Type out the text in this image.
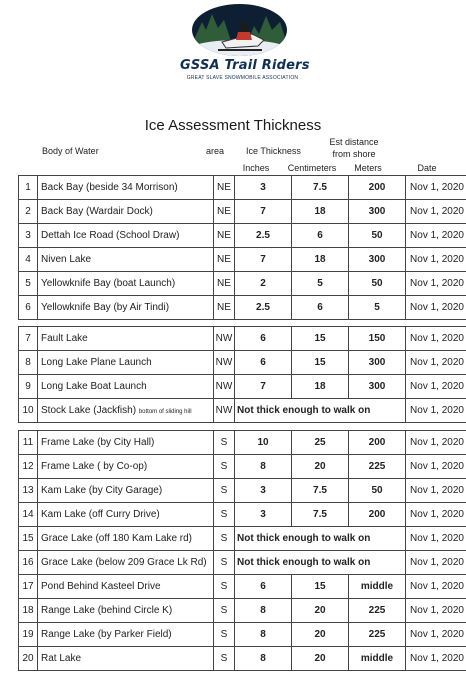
GSSA Trail Riders
GREAT SLAVE SNOWMOBILE ASSOCIATION
Ice Assessment Thickness
Body of Water	area Ice Thickness
Est distance
from shore
Inches	Centimeters	Meters	Date
1	Back Bay (beside 34 Morrison)	NE	3	7.5	200	Nov 1, 2020
2	Back Bay (Wardair Dock)	NE	7	18	300	Nov 1, 2020
3	Dettah Ice Road (School Draw)	NE	2.5	6	50	Nov 1, 2020
4	Niven Lake	NE	7	18	300	Nov 1, 2020
5	Yellowknife Bay (boat Launch)	NE	2	5	50	Nov 1, 2020
6	Yellowknife Bay (by Air Tindi)	NE	2.5	6	5	Nov 1, 2020
7	Fault Lake	NW	6	15	150	Nov 1, 2020
8	Long Lake Plane Launch	NW	6	15	300	Nov 1, 2020
9	Long Lake Boat Launch	NW	7	18	300	Nov 1, 2020
10	Stock Lake (Jackfish) bottom of sliding hill	NW	Not thick enough to walk on			Nov 1, 2020
11	Frame Lake (by City Hall)	S	10	25	200	Nov 1, 2020
12	Frame Lake ( by Co-op)	S	8	20	225	Nov 1, 2020
13	Kam Lake (by City Garage)	S	3	7.5	50	Nov 1, 2020
14	Kam Lake (off Curry Drive)	S	3	7.5	200	Nov 1, 2020
15	Grace Lake (off 180 Kam Lake rd)	S	Not thick enough to walk on			Nov 1, 2020
16	Grace Lake (below 209 Grace Lk Rd)	S	Not thick enough to walk on			Nov 1, 2020
17	Pond Behind Kasteel Drive	S	6	15	middle	Nov 1, 2020
18	Range Lake (behind Circle K)	S	8	20	225	Nov 1, 2020
19	Range Lake (by Parker Field)	S	8	20	225	Nov 1, 2020
20	Rat Lake	S	8	20	middle	Nov 1, 2020
